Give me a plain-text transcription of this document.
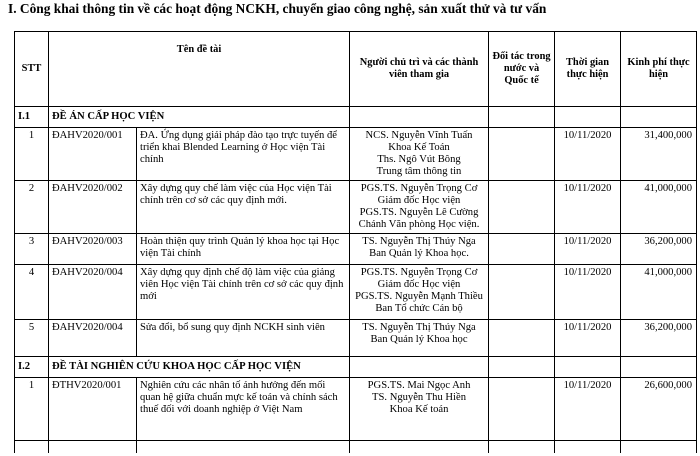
I. Công khai thông tin về các hoạt động NCKH, chuyển giao công nghệ, sản xuất thử và tư vấn
STT	Tên đề tài		Người chủ trì và các thành viên tham gia	Đối tác trong nước và Quốc tế	Thời gian thực hiện	Kinh phí thực hiện
I.1	ĐỀ ÁN CẤP HỌC VIỆN					
1	ĐAHV2020/001	ĐA. Ứng dụng giải pháp đào tạo trực tuyến để triển khai Blended Learning ở Học viện Tài chính	NCS. Nguyễn Vĩnh Tuấn
Khoa Kế Toán
Ths. Ngô Vút Bông
Trung tâm thông tin		10/11/2020	31,400,000
2	ĐAHV2020/002	Xây dựng quy chế làm việc của Học viện Tài chính trên cơ sở các quy định mới.	PGS.TS. Nguyễn Trọng Cơ
Giám đốc Học viện
PGS.TS. Nguyễn Lê Cường
Chánh Văn phòng Học viện.		10/11/2020	41,000,000
3	ĐAHV2020/003	Hoàn thiện quy trình Quản lý khoa học tại Học viện Tài chính	TS. Nguyễn Thị Thúy Nga
Ban Quản lý Khoa học.		10/11/2020	36,200,000
4	ĐAHV2020/004	Xây dựng quy định chế độ làm việc của giảng viên Học viện Tài chính trên cơ sở các quy định mới	PGS.TS. Nguyễn Trọng Cơ
Giám đốc Học viện
PGS.TS. Nguyễn Mạnh Thiều
Ban Tổ chức Cán bộ		10/11/2020	41,000,000
5	ĐAHV2020/004	Sửa đổi, bổ sung quy định NCKH sinh viên	TS. Nguyễn Thị Thúy Nga
Ban Quản lý Khoa học		10/11/2020	36,200,000
I.2	ĐỀ TÀI NGHIÊN CỨU KHOA HỌC CẤP HỌC VIỆN					
1	ĐTHV2020/001	Nghiên cứu các nhân tố ảnh hưởng đến mối quan hệ giữa chuẩn mực kế toán và chính sách thuế đối với doanh nghiệp ở Việt Nam	PGS.TS. Mai Ngọc Anh
TS. Nguyễn Thu Hiền
Khoa Kế toán		10/11/2020	26,600,000
